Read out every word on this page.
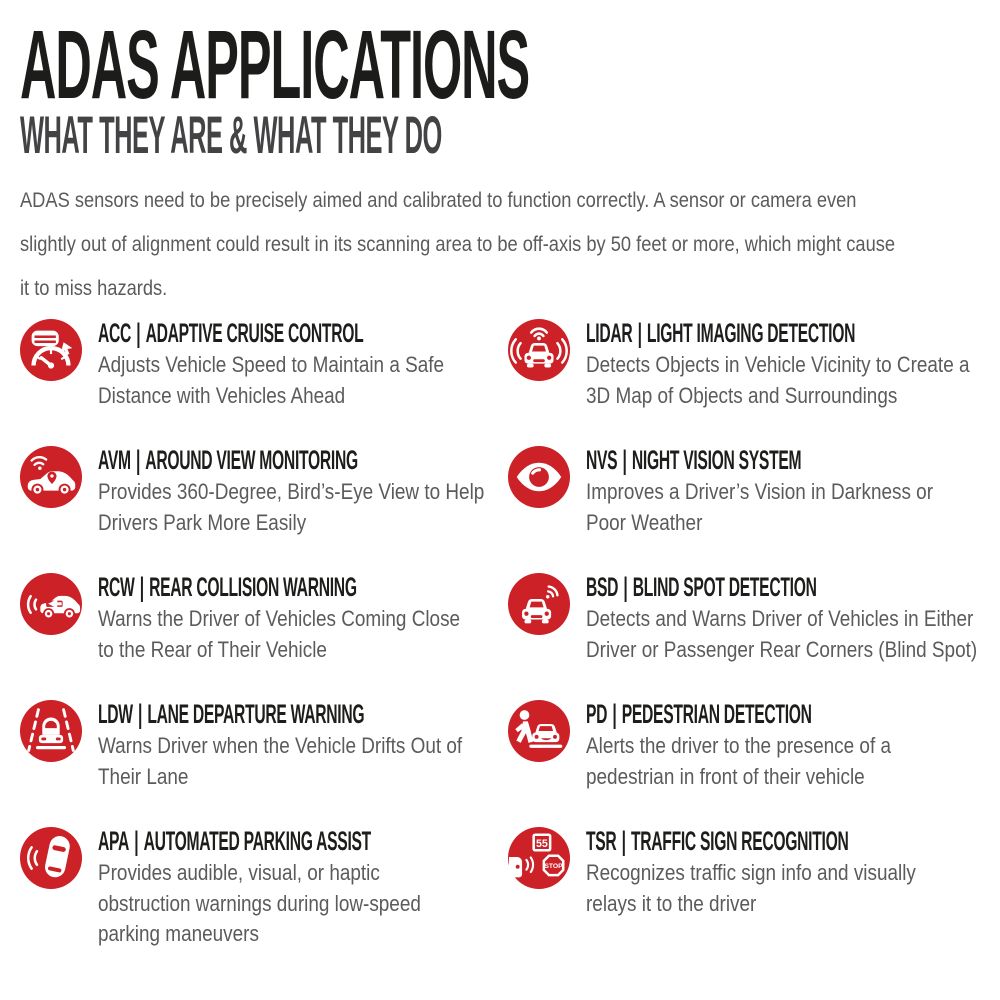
ADAS APPLICATIONS
WHAT THEY ARE & WHAT THEY DO
ADAS sensors need to be precisely aimed and calibrated to function correctly. A sensor or camera even
slightly out of alignment could result in its scanning area to be off-axis by 50 feet or more, which might cause
it to miss hazards.
ACC | ADAPTIVE CRUISE CONTROL
Adjusts Vehicle Speed to Maintain a Safe
Distance with Vehicles Ahead
LIDAR | LIGHT IMAGING DETECTION
Detects Objects in Vehicle Vicinity to Create a
3D Map of Objects and Surroundings
AVM | AROUND VIEW MONITORING
Provides 360-Degree, Bird’s-Eye View to Help
Drivers Park More Easily
NVS | NIGHT VISION SYSTEM
Improves a Driver’s Vision in Darkness or
Poor Weather
RCW | REAR COLLISION WARNING
Warns the Driver of Vehicles Coming Close
to the Rear of Their Vehicle
BSD | BLIND SPOT DETECTION
Detects and Warns Driver of Vehicles in Either
Driver or Passenger Rear Corners (Blind Spot)
LDW | LANE DEPARTURE WARNING
Warns Driver when the Vehicle Drifts Out of
Their Lane
PD | PEDESTRIAN DETECTION
Alerts the driver to the presence of a
pedestrian in front of their vehicle
APA | AUTOMATED PARKING ASSIST
Provides audible, visual, or haptic
obstruction warnings during low-speed
parking maneuvers
55
STOP
TSR | TRAFFIC SIGN RECOGNITION
Recognizes traffic sign info and visually
relays it to the driver
